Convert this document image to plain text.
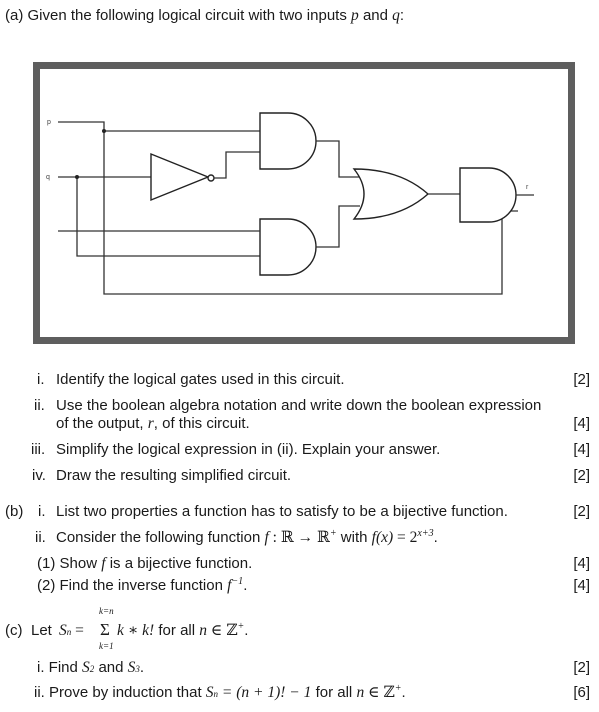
(a) Given the following logical circuit with two inputs p and q:
p
q
r
i. Identify the logical gates used in this circuit.	[2]
ii. Use the boolean algebra notation and write down the boolean expression
of the output, r, of this circuit.	[4]
iii. Simplify the logical expression in (ii). Explain your answer.	[4]
iv. Draw the resulting simplified circuit.	[2]
(b) i. List two properties a function has to satisfy to be a bijective function.	[2]
ii. Consider the following function f : ℝ → ℝ+ with $f(x) = 2^{x+3}$.
(1) Show f is a bijective function.	[4]
(2) Find the inverse function $f^{-1}$.	[4]
(c) Let Sn =
k=n
Σ
k=1
k ∗ k! for all n ∈ ℤ+.
i. Find S2 and S3.	[2]
ii. Prove by induction that Sn = (n + 1)! − 1 for all n ∈ ℤ+.	[6]
